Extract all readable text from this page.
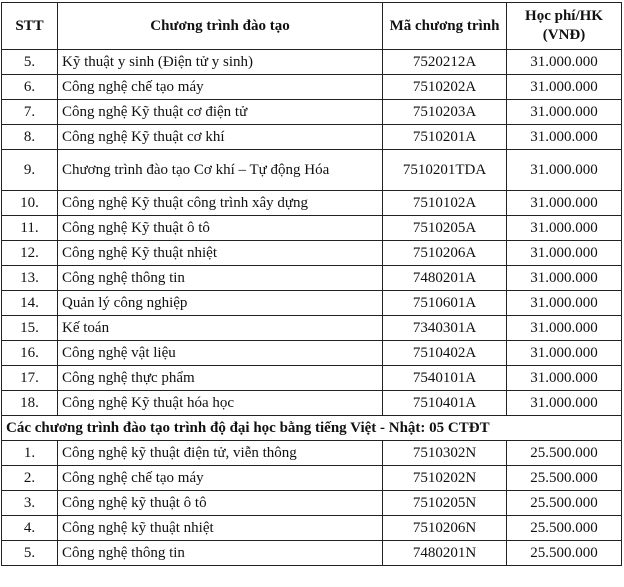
STT	Chương trình đào tạo	Mã chương trình	Học phí/HK (VNĐ)
5.	Kỹ thuật y sinh (Điện tử y sinh)	7520212A	31.000.000
6.	Công nghệ chế tạo máy	7510202A	31.000.000
7.	Công nghệ Kỹ thuật cơ điện tử	7510203A	31.000.000
8.	Công nghệ Kỹ thuật cơ khí	7510201A	31.000.000
9.	Chương trình đào tạo Cơ khí – Tự động Hóa	7510201TDA	31.000.000
10.	Công nghệ Kỹ thuật công trình xây dựng	7510102A	31.000.000
11.	Công nghệ Kỹ thuật ô tô	7510205A	31.000.000
12.	Công nghệ Kỹ thuật nhiệt	7510206A	31.000.000
13.	Công nghệ thông tin	7480201A	31.000.000
14.	Quản lý công nghiệp	7510601A	31.000.000
15.	Kế toán	7340301A	31.000.000
16.	Công nghệ vật liệu	7510402A	31.000.000
17.	Công nghệ thực phẩm	7540101A	31.000.000
18.	Công nghệ Kỹ thuật hóa học	7510401A	31.000.000
Các chương trình đào tạo trình độ đại học bằng tiếng Việt - Nhật: 05 CTĐT			
1.	Công nghệ kỹ thuật điện tử, viễn thông	7510302N	25.500.000
2.	Công nghệ chế tạo máy	7510202N	25.500.000
3.	Công nghệ kỹ thuật ô tô	7510205N	25.500.000
4.	Công nghệ kỹ thuật nhiệt	7510206N	25.500.000
5.	Công nghệ thông tin	7480201N	25.500.000
